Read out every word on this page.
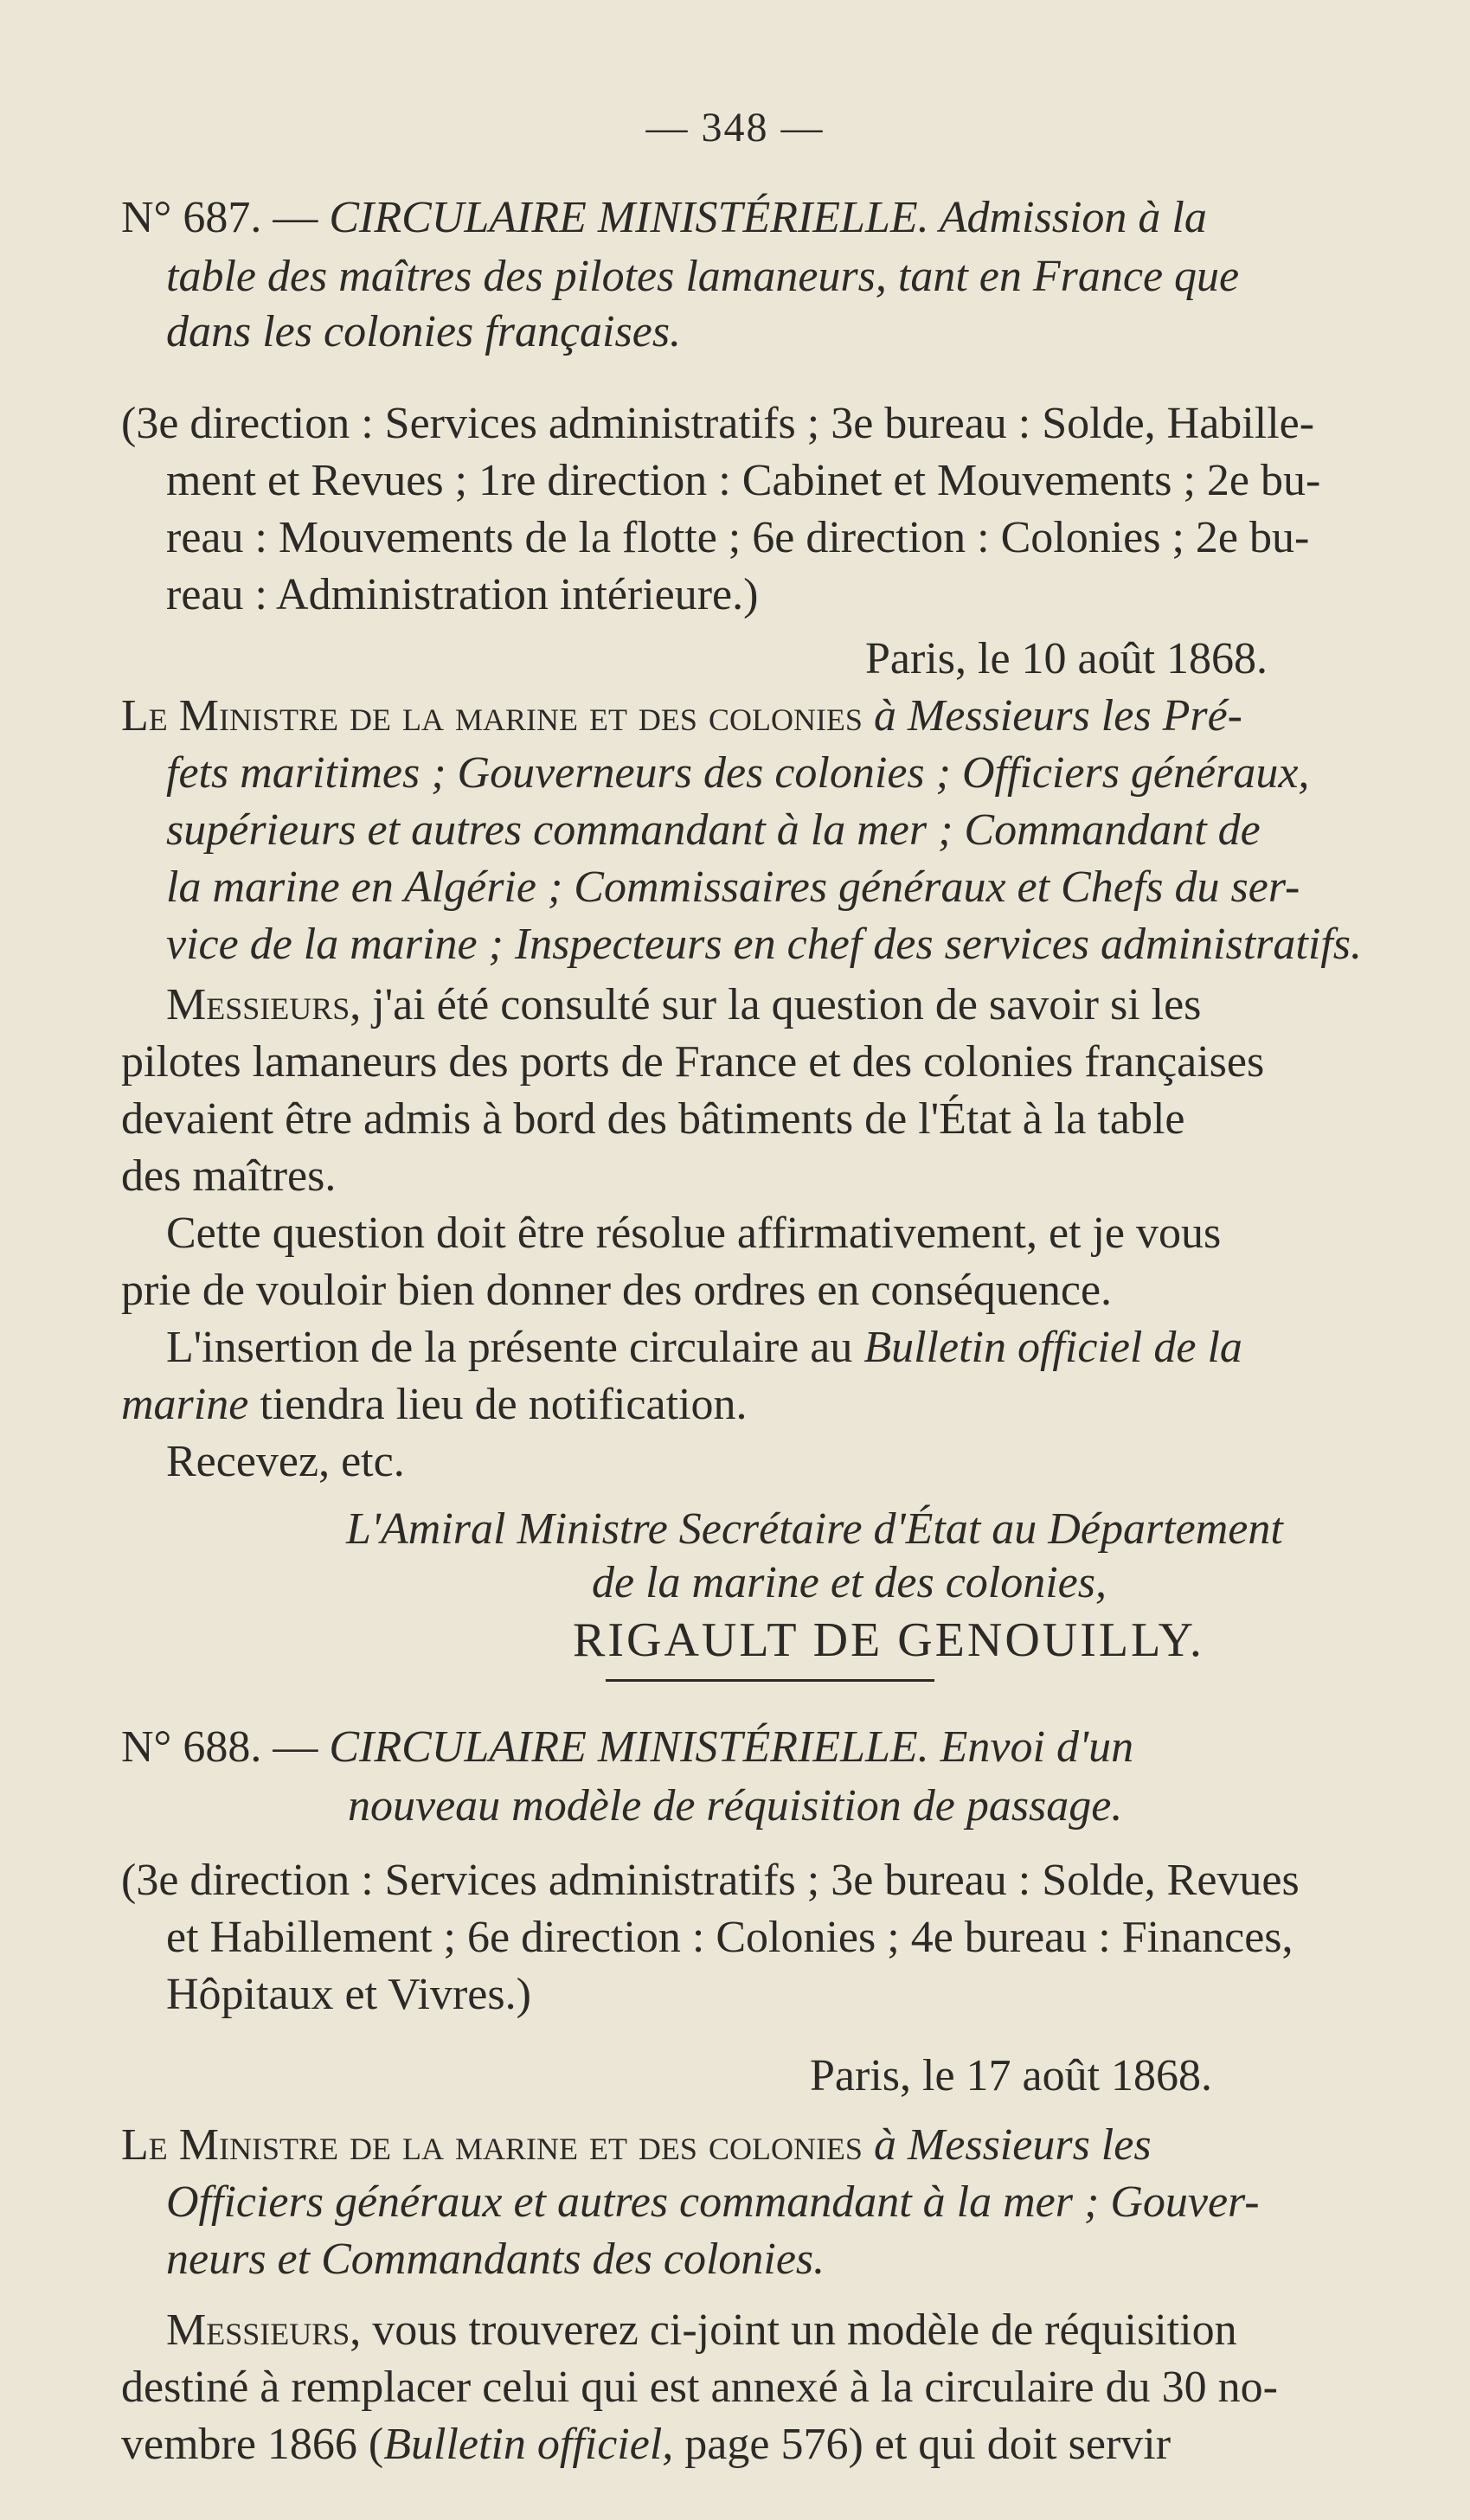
— 348 —
N° 687. — CIRCULAIRE MINISTÉRIELLE. Admission à la
table des maîtres des pilotes lamaneurs, tant en France que
dans les colonies françaises.
(3e direction : Services administratifs ; 3e bureau : Solde, Habille-
ment et Revues ; 1re direction : Cabinet et Mouvements ; 2e bu-
reau : Mouvements de la flotte ; 6e direction : Colonies ; 2e bu-
reau : Administration intérieure.)
Paris, le 10 août 1868.
Le Ministre de la marine et des colonies à Messieurs les Pré-
fets maritimes ; Gouverneurs des colonies ; Officiers généraux,
supérieurs et autres commandant à la mer ; Commandant de
la marine en Algérie ; Commissaires généraux et Chefs du ser-
vice de la marine ; Inspecteurs en chef des services administratifs.
Messieurs, j'ai été consulté sur la question de savoir si les
pilotes lamaneurs des ports de France et des colonies françaises
devaient être admis à bord des bâtiments de l'État à la table
des maîtres.
Cette question doit être résolue affirmativement, et je vous
prie de vouloir bien donner des ordres en conséquence.
L'insertion de la présente circulaire au Bulletin officiel de la
marine tiendra lieu de notification.
Recevez, etc.
L'Amiral Ministre Secrétaire d'État au Département
de la marine et des colonies,
RIGAULT DE GENOUILLY.
N° 688. — CIRCULAIRE MINISTÉRIELLE. Envoi d'un
nouveau modèle de réquisition de passage.
(3e direction : Services administratifs ; 3e bureau : Solde, Revues
et Habillement ; 6e direction : Colonies ; 4e bureau : Finances,
Hôpitaux et Vivres.)
Paris, le 17 août 1868.
Le Ministre de la marine et des colonies à Messieurs les
Officiers généraux et autres commandant à la mer ; Gouver-
neurs et Commandants des colonies.
Messieurs, vous trouverez ci-joint un modèle de réquisition
destiné à remplacer celui qui est annexé à la circulaire du 30 no-
vembre 1866 (Bulletin officiel, page 576) et qui doit servir
